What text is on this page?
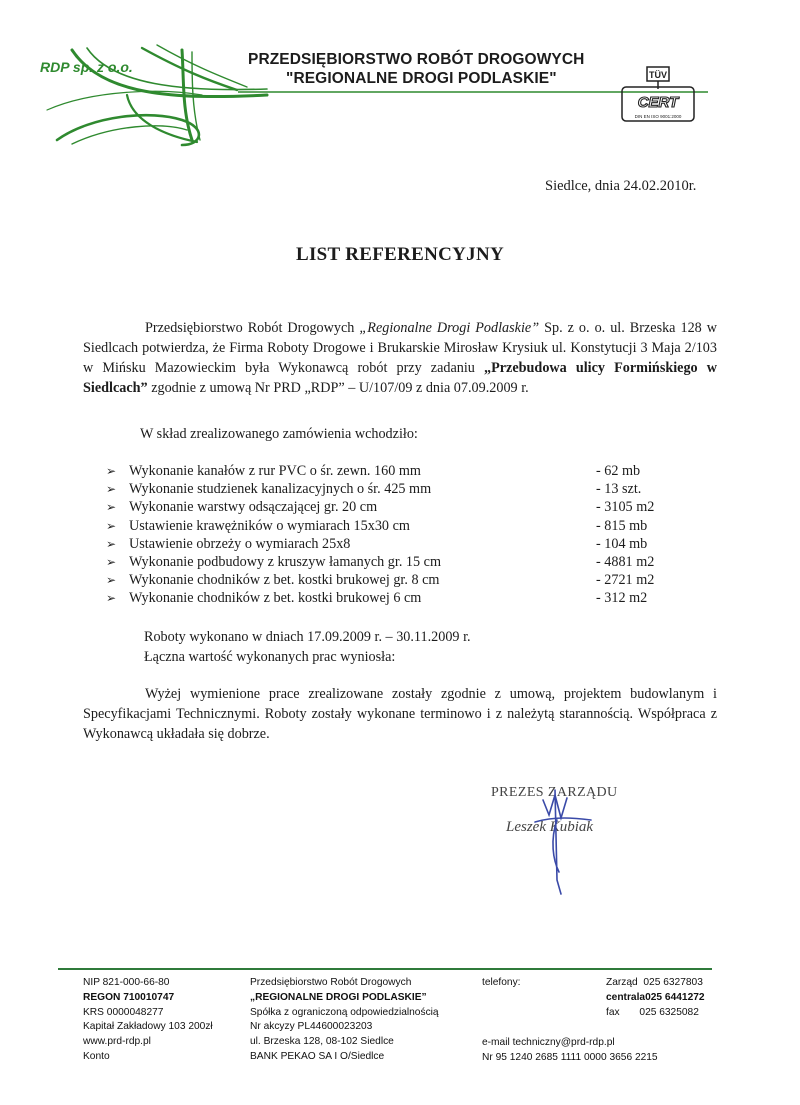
RDP sp. z o.o.	PRZEDSIĘBIORSTWO ROBÓT DROGOWYCH
"REGIONALNE DROGI PODLASKIE"	TÜV
CERT
DIN EN ISO 9001:2000
Siedlce, dnia 24.02.2010r.
LIST REFERENCYJNY
Przedsiębiorstwo Robót Drogowych „Regionalne Drogi Podlaskie” Sp. z o. o. ul. Brzeska 128 w Siedlcach potwierdza, że Firma Roboty Drogowe i Brukarskie Mirosław Krysiuk ul. Konstytucji 3 Maja 2/103 w Mińsku Mazowieckim była Wykonawcą robót przy zadaniu „Przebudowa ulicy Formińskiego w Siedlcach” zgodnie z umową Nr PRD „RDP” – U/107/09 z dnia 07.09.2009 r.
W skład zrealizowanego zamówienia wchodziło:
➢ Wykonanie kanałów z rur PVC o śr. zewn. 160 mm	- 62 mb
➢ Wykonanie studzienek kanalizacyjnych o śr. 425 mm	- 13 szt.
➢ Wykonanie warstwy odsączającej gr. 20 cm	- 3105 m2
➢ Ustawienie krawężników o wymiarach 15x30 cm	- 815 mb
➢ Ustawienie obrzeży o wymiarach 25x8	- 104 mb
➢ Wykonanie podbudowy z kruszyw łamanych gr. 15 cm	- 4881 m2
➢ Wykonanie chodników z bet. kostki brukowej gr. 8 cm	- 2721 m2
➢ Wykonanie chodników z bet. kostki brukowej 6 cm	- 312 m2
Roboty wykonano w dniach 17.09.2009 r. – 30.11.2009 r.
Łączna wartość wykonanych prac wyniosła:
Wyżej wymienione prace zrealizowane zostały zgodnie z umową, projektem budowlanym i Specyfikacjami Technicznymi. Roboty zostały wykonane terminowo i z należytą starannością. Współpraca z Wykonawcą układała się dobrze.
PREZES ZARZĄDU
Leszek Kubiak
NIP 821-000-66-80
REGON 710010747
KRS 0000048277
Kapitał Zakładowy 103 200zł
www.prd-rdp.pl
Konto
Przedsiębiorstwo Robót Drogowych
„REGIONALNE DROGI PODLASKIE”
Spółka z ograniczoną odpowiedzialnością
Nr akcyzy PL44600023203
ul. Brzeska 128, 08-102 Siedlce
BANK PEKAO SA I O/Siedlce
telefony:	Zarząd  025 6327803
centrala025 6441272
fax       025 6325082
e-mail techniczny@prd-rdp.pl
Nr 95 1240 2685 1111 0000 3656 2215
